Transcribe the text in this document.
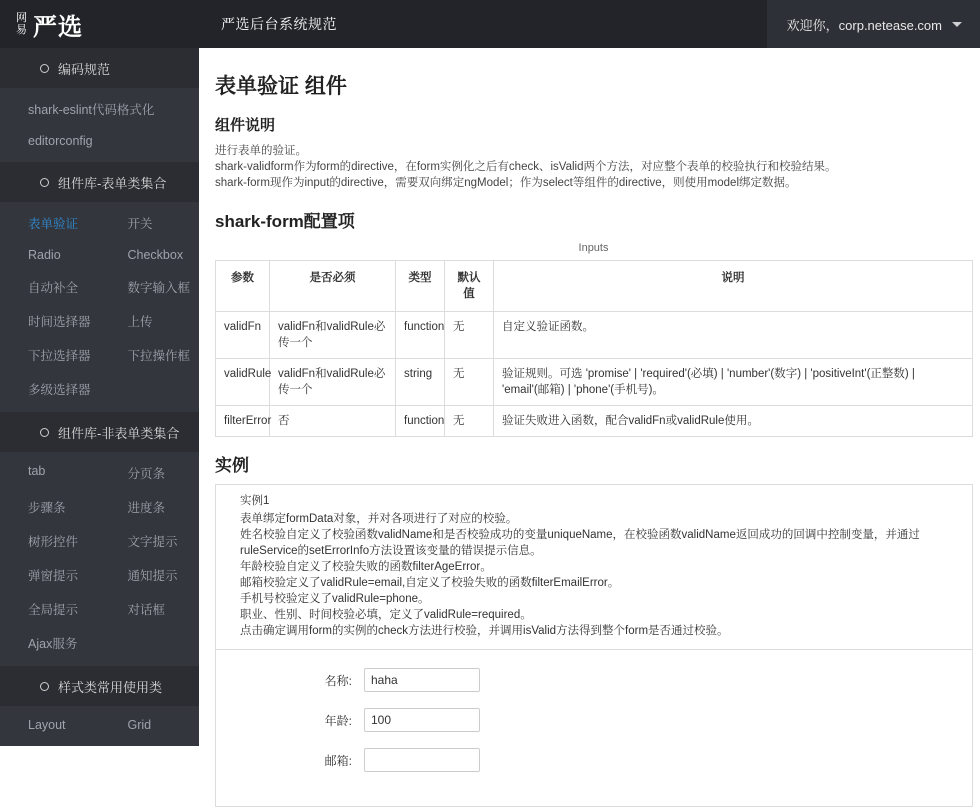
网易 严选	严选后台系统规范	欢迎你，corp.netease.com
编码规范
shark-eslint代码格式化
editorconfig
组件库-表单类集合
表单验证	开关
Radio	Checkbox
自动补全	数字输入框
时间选择器	上传
下拉选择器	下拉操作框
多级选择器
组件库-非表单类集合
tab	分页条
步骤条	进度条
树形控件	文字提示
弹窗提示	通知提示
全局提示	对话框
Ajax服务
样式类常用使用类
Layout	Grid
表单验证 组件
组件说明
进行表单的验证。
shark-validform作为form的directive，在form实例化之后有check、isValid两个方法，对应整个表单的校验执行和校验结果。
shark-form现作为input的directive，需要双向绑定ngModel；作为select等组件的directive，则使用model绑定数据。
shark-form配置项
Inputs
参数	是否必须	类型	默认值	说明
validFn	validFn和validRule必传一个	function	无	自定义验证函数。
validRule	validFn和validRule必传一个	string	无	验证规则。可选 'promise' | 'required'(必填) | 'number'(数字) | 'positiveInt'(正整数) | 'email'(邮箱) | 'phone'(手机号)。
filterError	否	function	无	验证失败进入函数，配合validFn或validRule使用。
实例
实例1
表单绑定formData对象，并对各项进行了对应的校验。
姓名校验自定义了校验函数validName和是否校验成功的变量uniqueName，在校验函数validName返回成功的回调中控制变量，并通过ruleService的setErrorInfo方法设置该变量的错误提示信息。
年龄校验自定义了校验失败的函数filterAgeError。
邮箱校验定义了validRule=email,自定义了校验失败的函数filterEmailError。
手机号校验定义了validRule=phone。
职业、性别、时间校验必填，定义了validRule=required。
点击确定调用form的实例的check方法进行校验，并调用isValid方法得到整个form是否通过校验。
名称:
haha
年龄:
100
邮箱:
